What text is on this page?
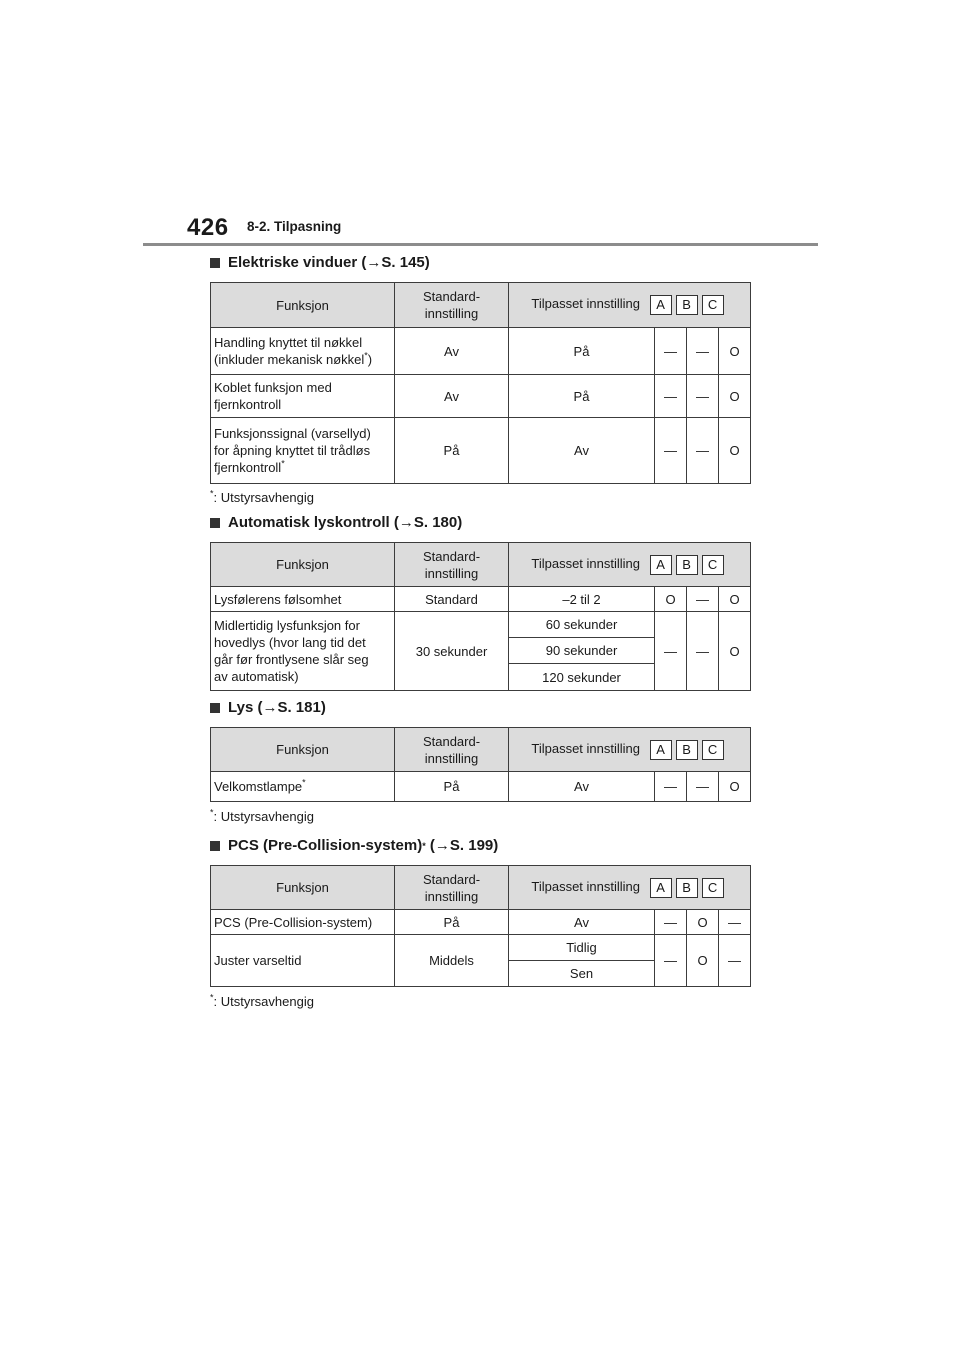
426 8-2. Tilpasning
Elektriske vinduer ( → S. 145)
Funksjon	Standard-
innstilling	Tilpasset innstilling A B C			
Handling knyttet til nøkkel
(inkluder mekanisk nøkkel*)	Av	På	—	—	O
Koblet funksjon med
fjernkontroll	Av	På	—	—	O
Funksjonssignal (varsellyd)
for åpning knyttet til trådløs
fjernkontroll*	På	Av	—	—	O
*: Utstyrsavhengig
Automatisk lyskontroll ( → S. 180)
Funksjon	Standard-
innstilling	Tilpasset innstilling A B C			
Lysfølerens følsomhet	Standard	–2 til 2	O	—	O
Midlertidig lysfunksjon for
hovedlys (hvor lang tid det
går før frontlysene slår seg
av automatisk)	30 sekunder	60 sekunder	—	—	O
		90 sekunder			
		120 sekunder			
Lys ( → S. 181)
Funksjon	Standard-
innstilling	Tilpasset innstilling A B C			
Velkomstlampe*	På	Av	—	—	O
*: Utstyrsavhengig
PCS (Pre-Collision-system) * ( → S. 199)
Funksjon	Standard-
innstilling	Tilpasset innstilling A B C			
PCS (Pre-Collision-system)	På	Av	—	O	—
Juster varseltid	Middels	Tidlig	—	O	—
		Sen			
*: Utstyrsavhengig
